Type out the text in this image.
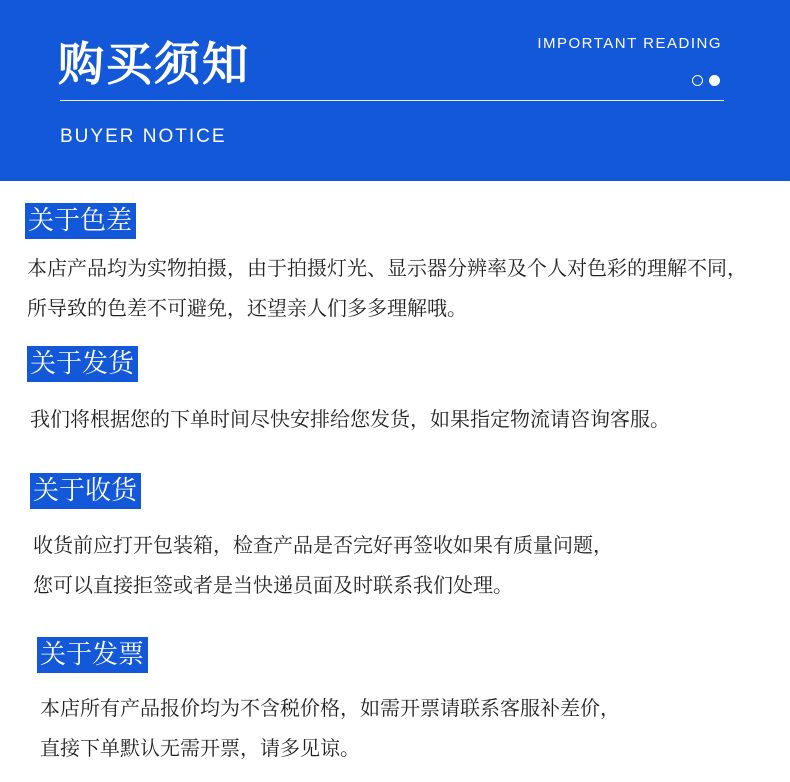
购买须知	IMPORTANT READING
BUYER NOTICE
关于色差
本店产品均为实物拍摄，由于拍摄灯光、显示器分辨率及个人对色彩的理解不同，
所导致的色差不可避免，还望亲人们多多理解哦。
关于发货
我们将根据您的下单时间尽快安排给您发货，如果指定物流请咨询客服。
关于收货
收货前应打开包装箱，检查产品是否完好再签收如果有质量问题，
您可以直接拒签或者是当快递员面及时联系我们处理。
关于发票
本店所有产品报价均为不含税价格，如需开票请联系客服补差价，
直接下单默认无需开票，请多见谅。
